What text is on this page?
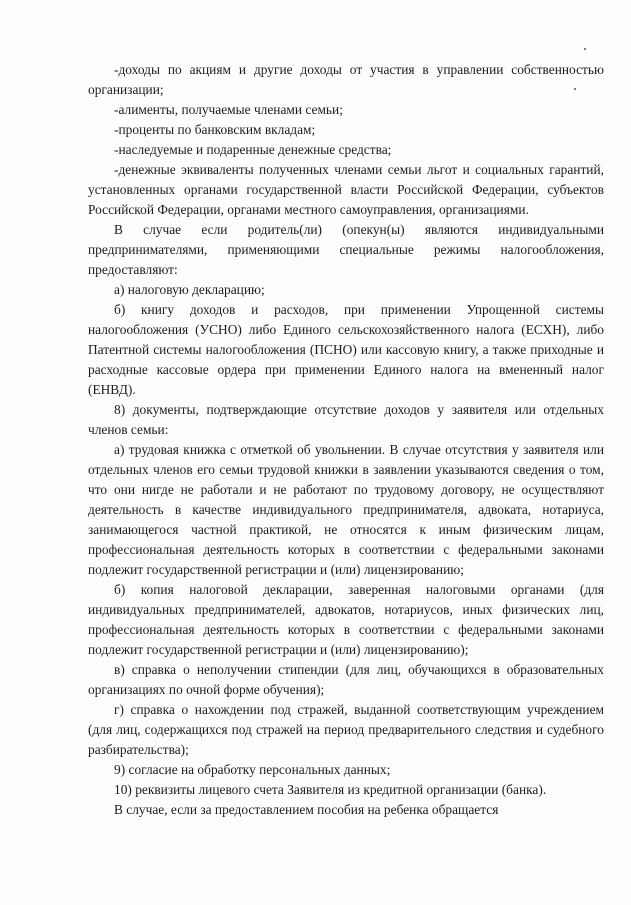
-доходы по акциям и другие доходы от участия в управлении собственностью организации;

-алименты, получаемые членами семьи;

-проценты по банковским вкладам;

-наследуемые и подаренные денежные средства;

-денежные эквиваленты полученных членами семьи льгот и социальных гарантий, установленных органами государственной власти Российской Федерации, субъектов Российской Федерации, органами местного самоуправления, организациями.

В случае если родитель(ли) (опекун(ы) являются индивидуальными предпринимателями, применяющими специальные режимы налогообложения, предоставляют:

а) налоговую декларацию;

б) книгу доходов и расходов, при применении Упрощенной системы налогообложения (УСНО) либо Единого сельскохозяйственного налога (ЕСХН), либо Патентной системы налогообложения (ПСНО) или кассовую книгу, а также приходные и расходные кассовые ордера при применении Единого налога на вмененный налог (ЕНВД).

8) документы, подтверждающие отсутствие доходов у заявителя или отдельных членов семьи:

а) трудовая книжка с отметкой об увольнении. В случае отсутствия у заявителя или отдельных членов его семьи трудовой книжки в заявлении указываются сведения о том, что они нигде не работали и не работают по трудовому договору, не осуществляют деятельность в качестве индивидуального предпринимателя, адвоката, нотариуса, занимающегося частной практикой, не относятся к иным физическим лицам, профессиональная деятельность которых в соответствии с федеральными законами подлежит государственной регистрации и (или) лицензированию;

б) копия налоговой декларации, заверенная налоговыми органами (для индивидуальных предпринимателей, адвокатов, нотариусов, иных физических лиц, профессиональная деятельность которых в соответствии с федеральными законами подлежит государственной регистрации и (или) лицензированию);

в) справка о неполучении стипендии (для лиц, обучающихся в образовательных организациях по очной форме обучения);

г) справка о нахождении под стражей, выданной соответствующим учреждением (для лиц, содержащихся под стражей на период предварительного следствия и судебного разбирательства);

9) согласие на обработку персональных данных;

10) реквизиты лицевого счета Заявителя из кредитной организации (банка).

В случае, если за предоставлением пособия на ребенка обращается
